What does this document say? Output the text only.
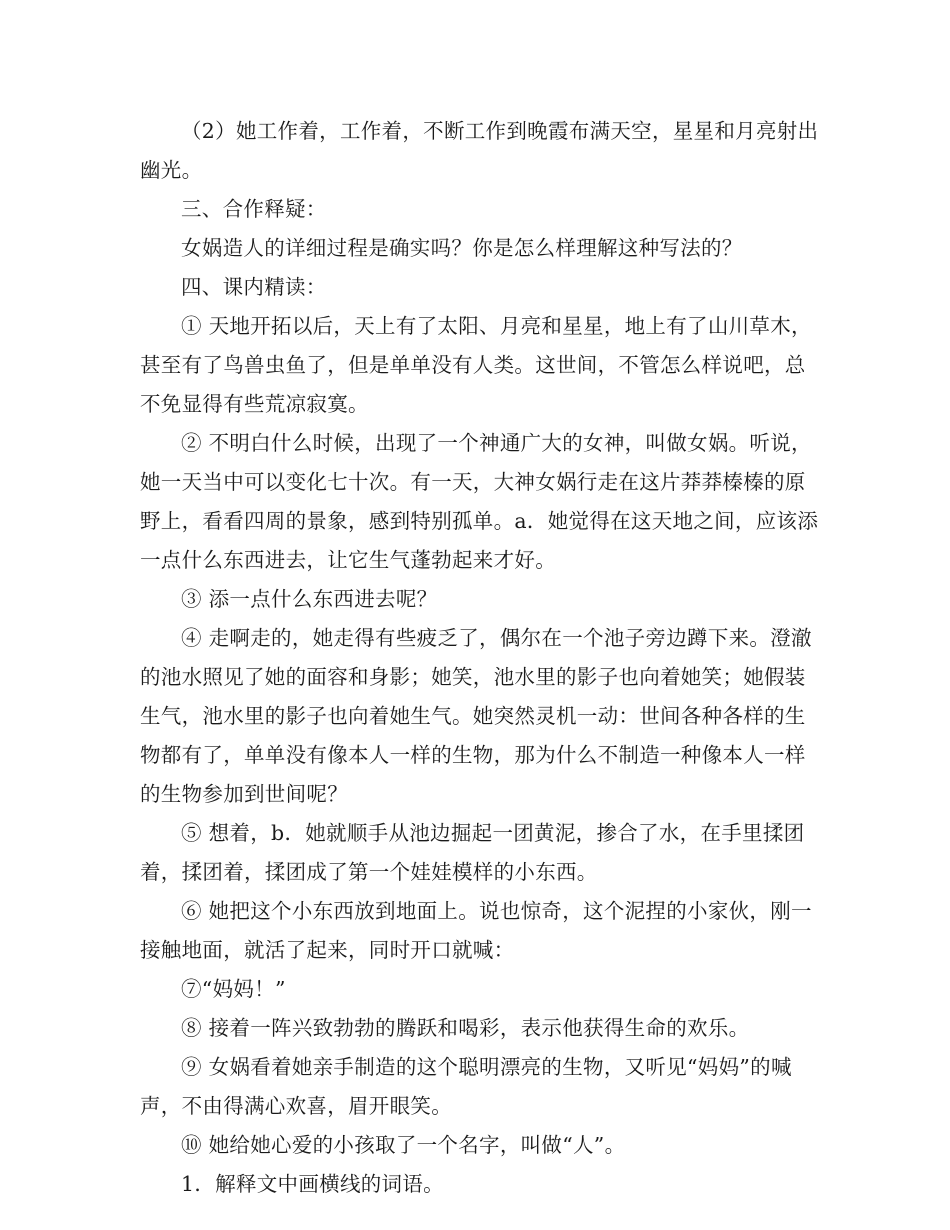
（2）她工作着，工作着，不断工作到晚霞布满天空，星星和月亮射出幽光。

三、合作释疑：

女娲造人的详细过程是确实吗？你是怎么样理解这种写法的？

四、课内精读：

① 天地开拓以后，天上有了太阳、月亮和星星，地上有了山川草木，甚至有了鸟兽虫鱼了，但是单单没有人类。这世间，不管怎么样说吧，总不免显得有些荒凉寂寞。

② 不明白什么时候，出现了一个神通广大的女神，叫做女娲。听说，她一天当中可以变化七十次。有一天，大神女娲行走在这片莽莽榛榛的原野上，看看四周的景象，感到特别孤单。a．她觉得在这天地之间，应该添一点什么东西进去，让它生气蓬勃起来才好。

③ 添一点什么东西进去呢？

④ 走啊走的，她走得有些疲乏了，偶尔在一个池子旁边蹲下来。澄澈的池水照见了她的面容和身影；她笑，池水里的影子也向着她笑；她假装生气，池水里的影子也向着她生气。她突然灵机一动：世间各种各样的生物都有了，单单没有像本人一样的生物，那为什么不制造一种像本人一样的生物参加到世间呢？

⑤ 想着，b．她就顺手从池边掘起一团黄泥，掺合了水，在手里揉团着，揉团着，揉团成了第一个娃娃模样的小东西。

⑥ 她把这个小东西放到地面上。说也惊奇，这个泥捏的小家伙，刚一接触地面，就活了起来，同时开口就喊：

⑦“妈妈！”

⑧ 接着一阵兴致勃勃的腾跃和喝彩，表示他获得生命的欢乐。

⑨ 女娲看着她亲手制造的这个聪明漂亮的生物，又听见“妈妈”的喊声，不由得满心欢喜，眉开眼笑。

⑩ 她给她心爱的小孩取了一个名字，叫做“人”。

1．解释文中画横线的词语。
